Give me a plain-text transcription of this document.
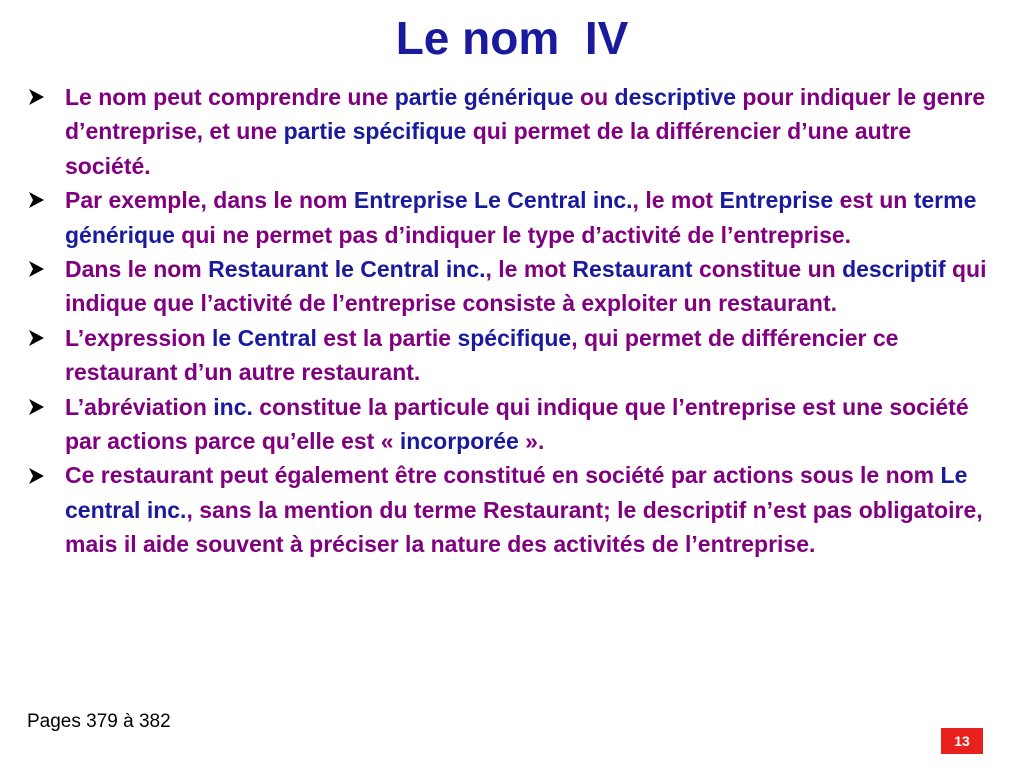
Le nom  IV
Le nom peut comprendre une partie générique ou descriptive pour indiquer le genre d’entreprise, et une partie spécifique qui permet de la différencier d’une autre société.
Par exemple, dans le nom Entreprise Le Central inc., le mot Entreprise est un terme générique qui ne permet pas d’indiquer le type d’activité de l’entreprise.
Dans le nom Restaurant le Central inc., le mot Restaurant constitue un descriptif qui indique que l’activité de l’entreprise consiste à exploiter un restaurant.
L’expression le Central est la partie spécifique, qui permet de différencier ce restaurant d’un autre restaurant.
L’abréviation inc. constitue la particule qui indique que l’entreprise est une société par actions parce qu’elle est « incorporée ».
Ce restaurant peut également être constitué en société par actions sous le nom Le central inc., sans la mention du terme Restaurant; le descriptif n’est pas obligatoire, mais il aide souvent à préciser la nature des activités de l’entreprise.
Pages 379 à 382
13
